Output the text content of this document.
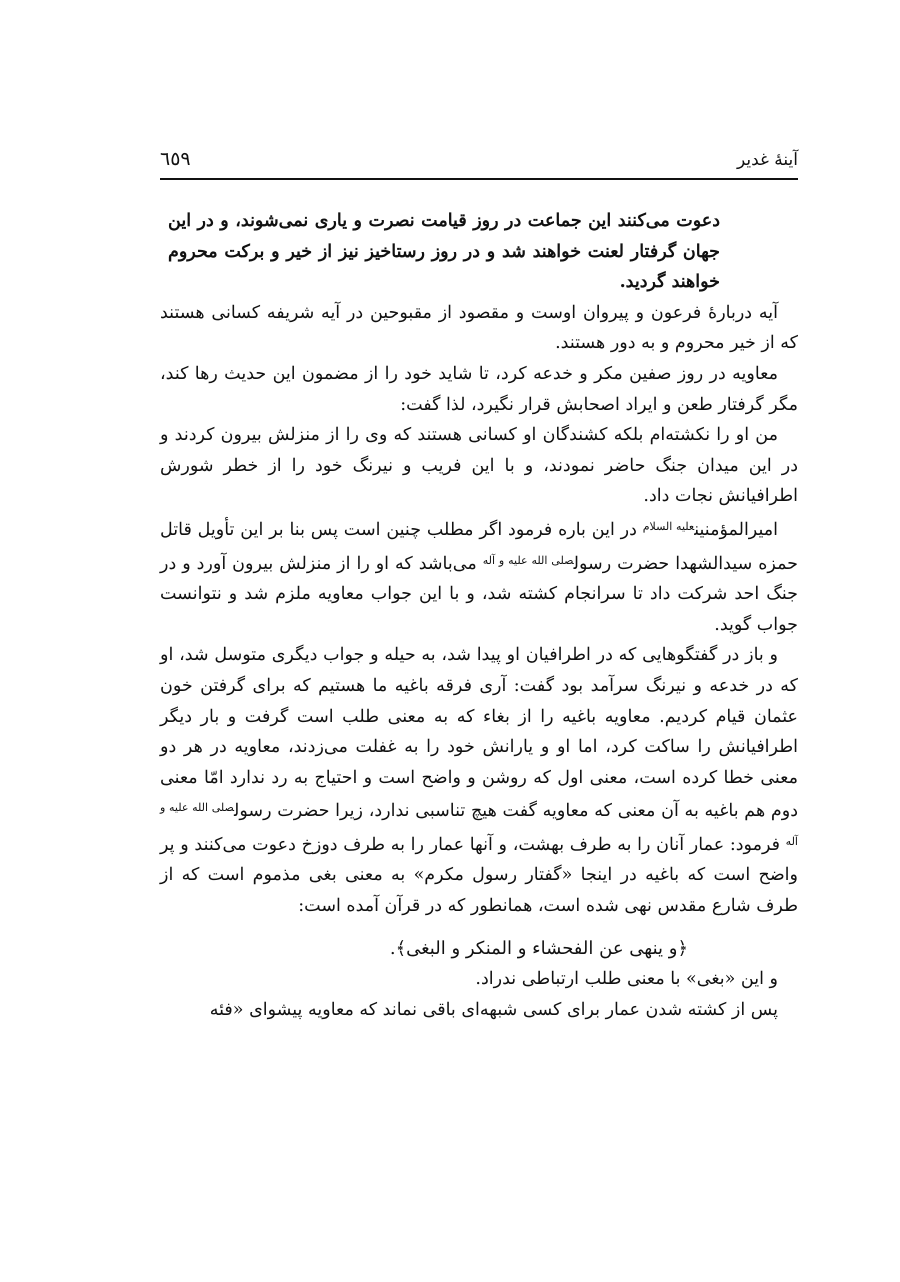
آینهٔ غدیر
٦٥٩

دعوت می‌کنند این جماعت در روز قیامت نصرت و یاری نمی‌شوند، و در این جهان گرفتار لعنت خواهند شد و در روز رستاخیز نیز از خیر و برکت محروم خواهند گردید.

آیه دربارهٔ فرعون و پیروان اوست و مقصود از مقبوحین در آیه شریفه کسانی هستند که از خیر محروم و به دور هستند.

معاویه در روز صفین مکر و خدعه کرد، تا شاید خود را از مضمون این حدیث رها کند، مگر گرفتار طعن و ایراد اصحابش قرار نگیرد، لذا گفت:

من او را نکشته‌ام بلکه کشندگان او کسانی هستند که وی را از منزلش بیرون کردند و در این میدان جنگ حاضر نمودند، و با این فریب و نیرنگ خود را از خطر شورش اطرافیانش نجات داد.

امیرالمؤمنین$^{علیه السلام}$ در این باره فرمود اگر مطلب چنین است پس بنا بر این تأویل قاتل حمزه سیدالشهدا حضرت رسول$^{صلی الله علیه و آله}$ می‌باشد که او را از منزلش بیرون آورد و در جنگ احد شرکت داد تا سرانجام کشته شد، و با این جواب معاویه ملزم شد و نتوانست جواب گوید.

و باز در گفتگوهایی که در اطرافیان او پیدا شد، به حیله و جواب دیگری متوسل شد، او که در خدعه و نیرنگ سرآمد بود گفت: آری فرقه باغیه ما هستیم که برای گرفتن خون عثمان قیام کردیم. معاویه باغیه را از بغاء که به معنی طلب است گرفت و بار دیگر اطرافیانش را ساکت کرد، اما او و یارانش خود را به غفلت می‌زدند، معاویه در هر دو معنی خطا کرده است، معنی اول که روشن و واضح است و احتیاج به رد ندارد امّا معنی دوم هم باغیه به آن معنی که معاویه گفت هیچ تناسبی ندارد، زیرا حضرت رسول$^{صلی الله علیه و آله}$ فرمود: عمار آنان را به طرف بهشت، و آنها عمار را به طرف دوزخ دعوت می‌کنند و پر واضح است که باغیه در اینجا «گفتار رسول مکرم» به معنی بغی مذموم است که از طرف شارع مقدس نهی شده است، همانطور که در قرآن آمده است:

﴿و ینهی عن الفحشاء و المنکر و البغی﴾.

و این «بغی» با معنی طلب ارتباطی ندراد.

پس از کشته شدن عمار برای کسی شبهه‌ای باقی نماند که معاویه پیشوای «فئه
